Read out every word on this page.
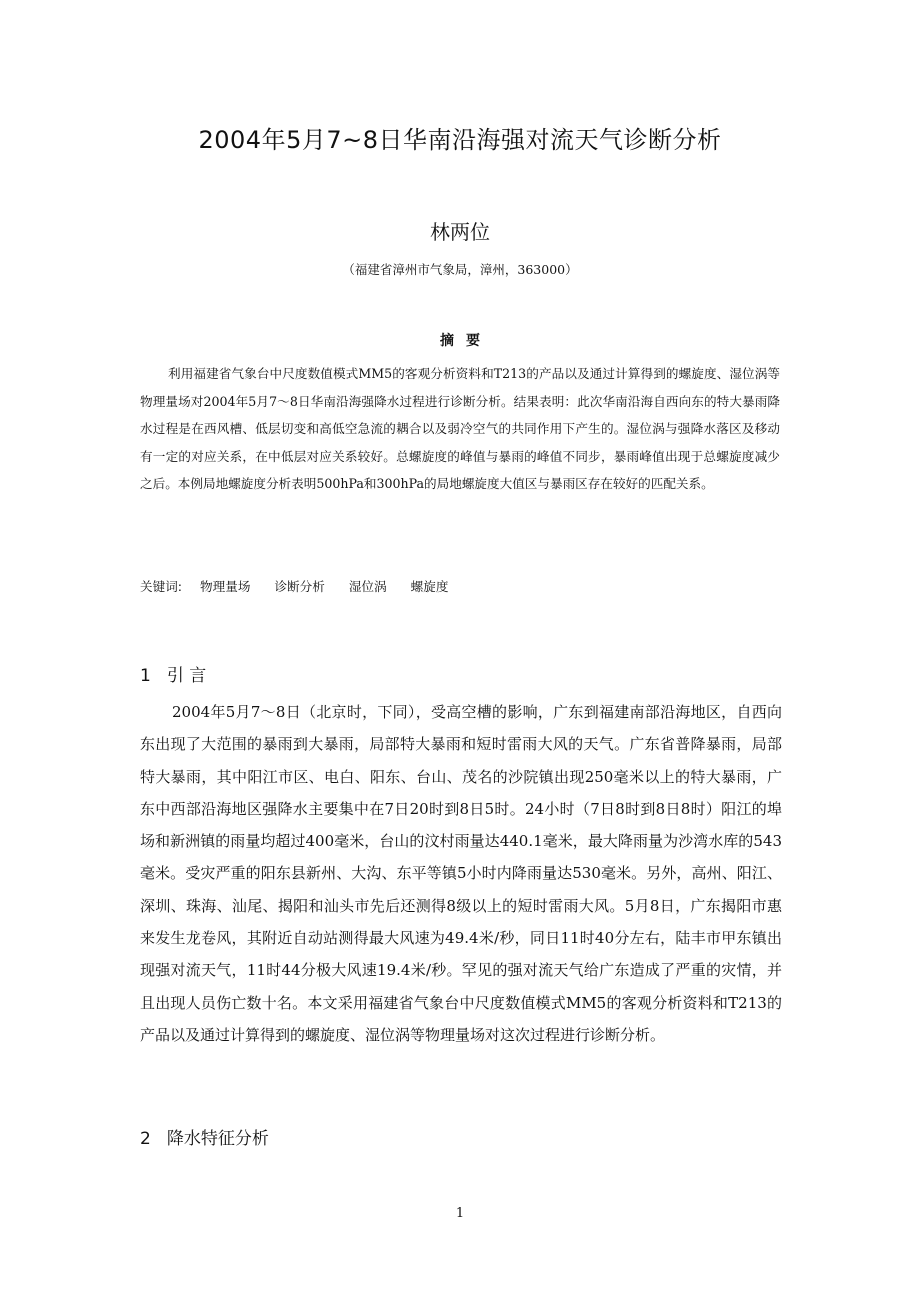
2004年5月7~8日华南沿海强对流天气诊断分析
林两位
（福建省漳州市气象局，漳州，363000）
摘要
利用福建省气象台中尺度数值模式MM5的客观分析资料和T213的产品以及通过计算得到的螺旋度、湿位涡等物理量场对2004年5月7～8日华南沿海强降水过程进行诊断分析。结果表明：此次华南沿海自西向东的特大暴雨降水过程是在西风槽、低层切变和高低空急流的耦合以及弱冷空气的共同作用下产生的。湿位涡与强降水落区及移动有一定的对应关系，在中低层对应关系较好。总螺旋度的峰值与暴雨的峰值不同步，暴雨峰值出现于总螺旋度减少之后。本例局地螺旋度分析表明500hPa和300hPa的局地螺旋度大值区与暴雨区存在较好的匹配关系。
关键词: 物理量场 诊断分析 湿位涡 螺旋度
1 引 言
2004年5月7～8日（北京时，下同），受高空槽的影响，广东到福建南部沿海地区，自西向东出现了大范围的暴雨到大暴雨，局部特大暴雨和短时雷雨大风的天气。广东省普降暴雨，局部特大暴雨，其中阳江市区、电白、阳东、台山、茂名的沙院镇出现250毫米以上的特大暴雨，广东中西部沿海地区强降水主要集中在7日20时到8日5时。24小时（7日8时到8日8时）阳江的埠场和新洲镇的雨量均超过400毫米，台山的汶村雨量达440.1毫米，最大降雨量为沙湾水库的543毫米。受灾严重的阳东县新州、大沟、东平等镇5小时内降雨量达530毫米。另外，高州、阳江、深圳、珠海、汕尾、揭阳和汕头市先后还测得8级以上的短时雷雨大风。5月8日，广东揭阳市惠来发生龙卷风，其附近自动站测得最大风速为49.4米/秒，同日11时40分左右，陆丰市甲东镇出现强对流天气，11时44分极大风速19.4米/秒。罕见的强对流天气给广东造成了严重的灾情，并且出现人员伤亡数十名。本文采用福建省气象台中尺度数值模式MM5的客观分析资料和T213的产品以及通过计算得到的螺旋度、湿位涡等物理量场对这次过程进行诊断分析。
2 降水特征分析
1
